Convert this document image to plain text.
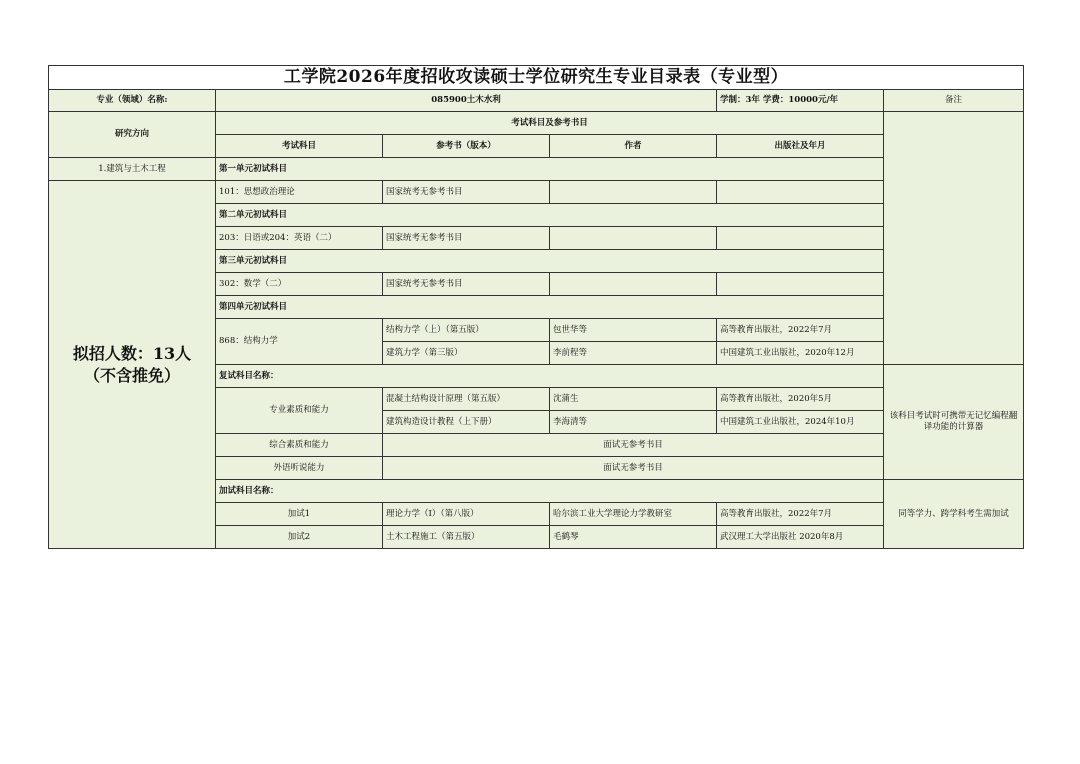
工学院2026年度招收攻读硕士学位研究生专业目录表（专业型）					
专业（领域）名称:	085900土木水利			学制：3年 学费：10000元/年	备注
研究方向	考试科目及参考书目				
	考试科目	参考书（版本）	作者	出版社及年月	
1.建筑与土木工程	第一单元初试科目				

拟招人数：13人
（不含推免）	101：思想政治理论	国家统考无参考书目			
	第二单元初试科目				
	203：日语或204：英语（二）	国家统考无参考书目			
	第三单元初试科目				
	302：数学（二）	国家统考无参考书目			
	第四单元初试科目				
	868：结构力学	结构力学（上）（第五版）	包世华等	高等教育出版社，2022年7月	
		建筑力学（第三版）	李前程等	中国建筑工业出版社，2020年12月	
	复试科目名称：				该科目考试时可携带无记忆编程翻译功能的计算器
	专业素质和能力	混凝土结构设计原理（第五版）	沈蒲生	高等教育出版社，2020年5月	
		建筑构造设计教程（上下册）	李海清等	中国建筑工业出版社，2024年10月	
	综合素质和能力	面试无参考书目			
	外语听说能力	面试无参考书目			
	加试科目名称：				同等学力、跨学科考生需加试
	加试1	理论力学（I）（第八版）	哈尔滨工业大学理论力学教研室	高等教育出版社，2022年7月	
	加试2	土木工程施工（第五版）	毛鹤琴	武汉理工大学出版社 2020年8月	
